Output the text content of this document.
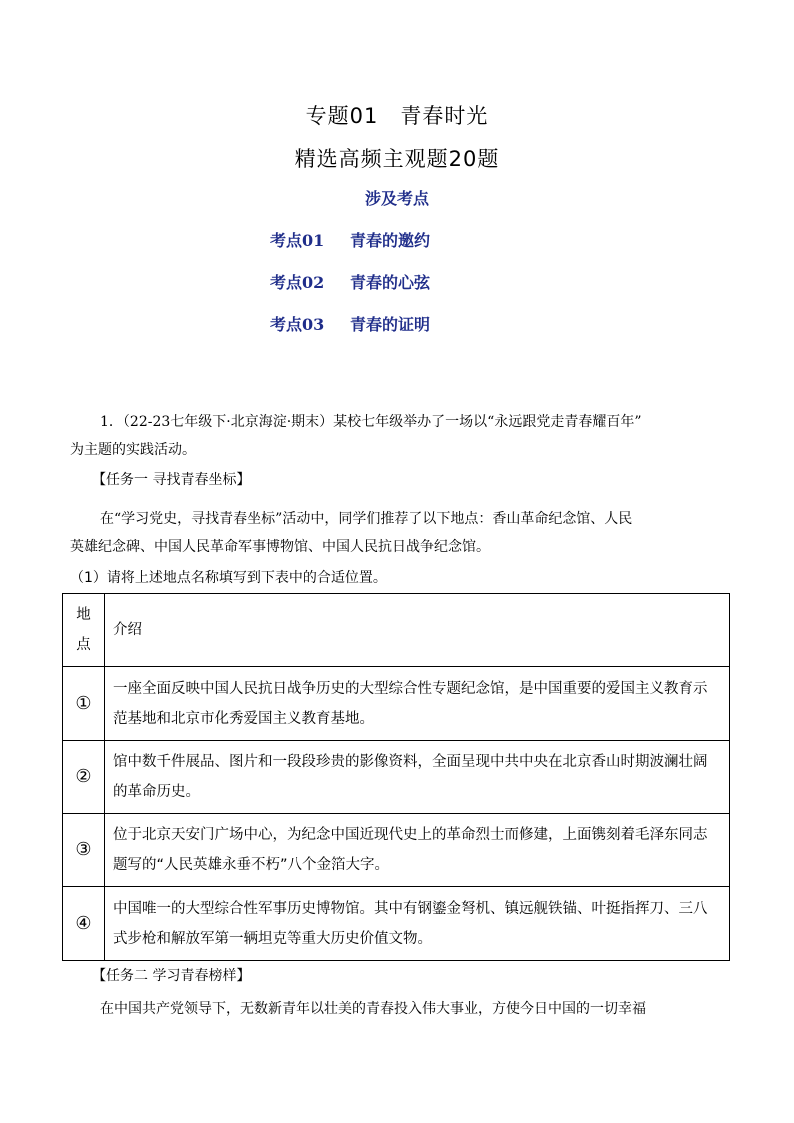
专题01　青春时光
精选高频主观题20题
涉及考点
考点01 青春的邀约
考点02 青春的心弦
考点03 青春的证明
1．（22-23七年级下·北京海淀·期末）某校七年级举办了一场以“永远跟党走青春耀百年”
为主题的实践活动。
【任务一 寻找青春坐标】
在“学习党史，寻找青春坐标”活动中，同学们推荐了以下地点：香山革命纪念馆、人民
英雄纪念碑、中国人民革命军事博物馆、中国人民抗日战争纪念馆。
（1）请将上述地点名称填写到下表中的合适位置。
地
点	介绍
①	一座全面反映中国人民抗日战争历史的大型综合性专题纪念馆，是中国重要的爱国主义教育示范基地和北京市化秀爱国主义教育基地。
②	馆中数千件展品、图片和一段段珍贵的影像资料，全面呈现中共中央在北京香山时期波澜壮阔的革命历史。
③	位于北京天安门广场中心，为纪念中国近现代史上的革命烈士而修建，上面镌刻着毛泽东同志题写的“人民英雄永垂不朽”八个金箔大字。
④	中国唯一的大型综合性军事历史博物馆。其中有钢鎏金弩机、镇远舰铁锚、叶挺指挥刀、三八式步枪和解放军第一辆坦克等重大历史价值文物。
【任务二 学习青春榜样】
在中国共产党领导下，无数新青年以壮美的青春投入伟大事业，方使今日中国的一切幸福
